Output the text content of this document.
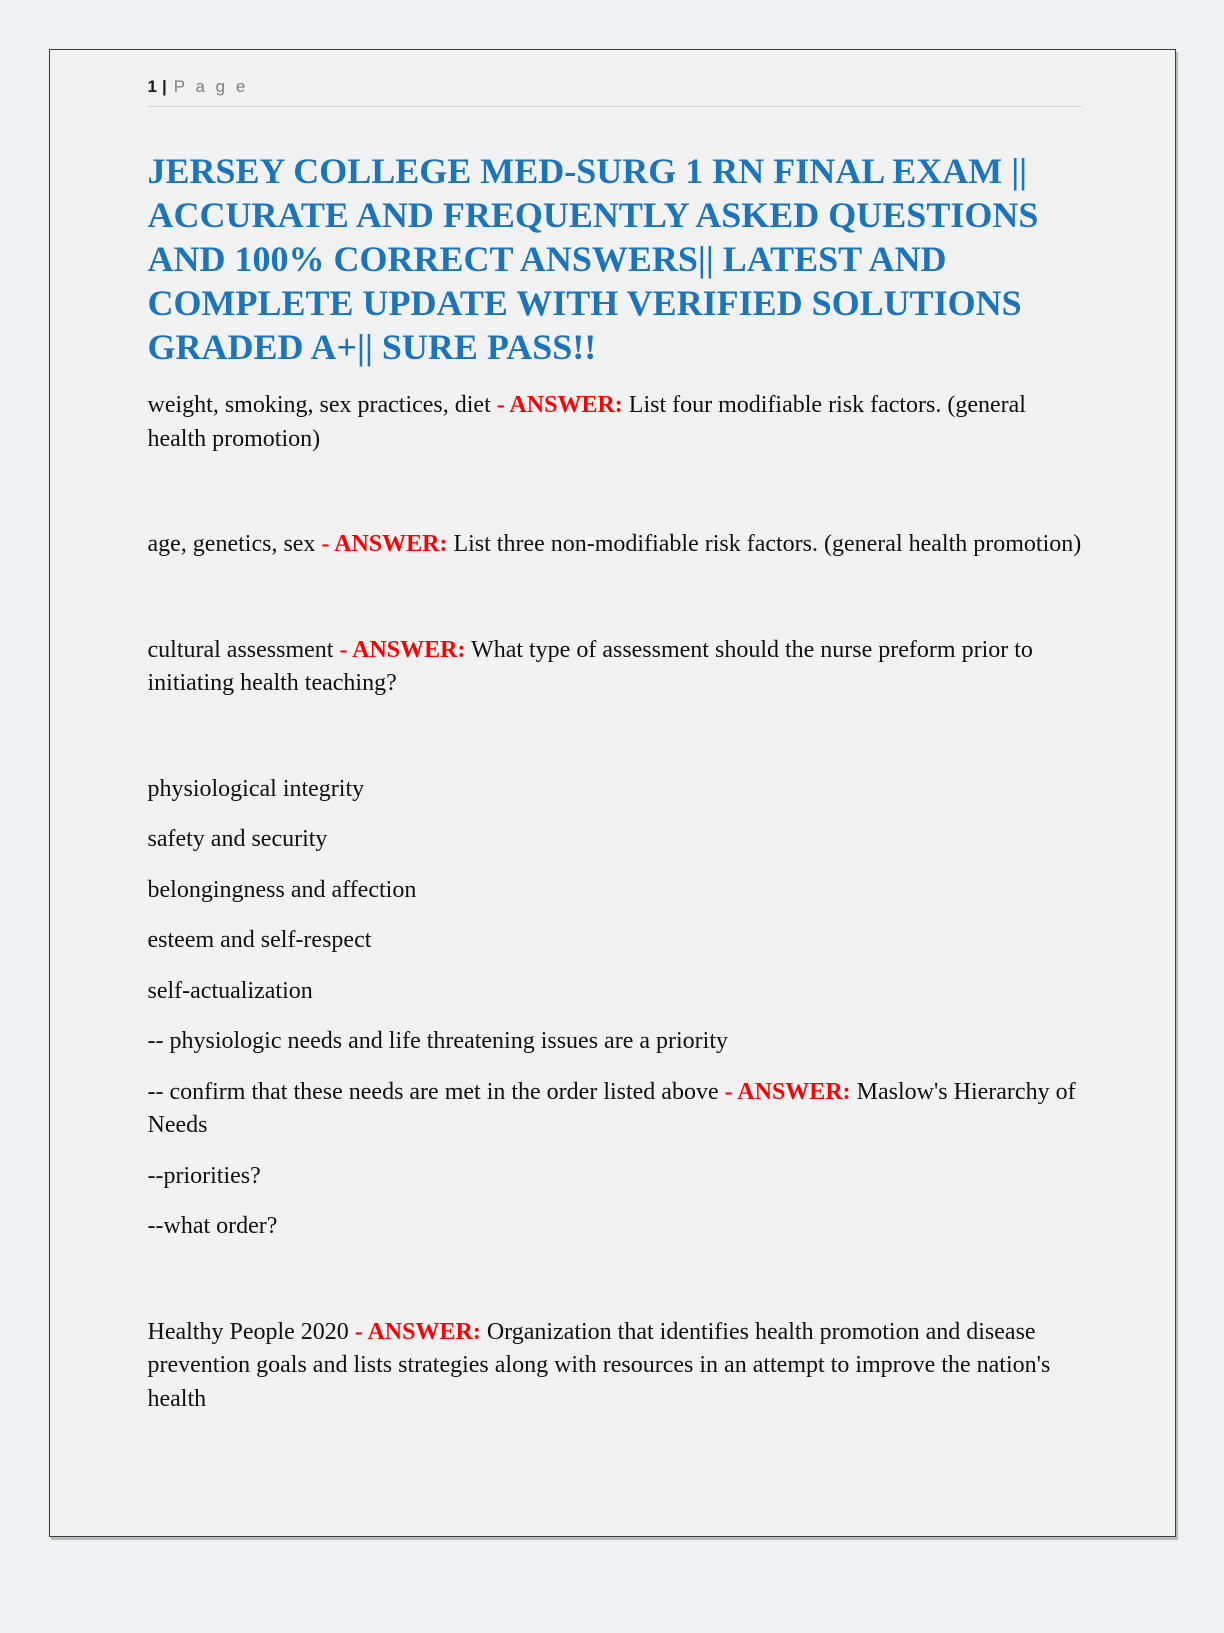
1 | P a g e
JERSEY COLLEGE MED-SURG 1 RN FINAL EXAM ||
ACCURATE AND FREQUENTLY ASKED QUESTIONS
AND 100% CORRECT ANSWERS|| LATEST AND
COMPLETE UPDATE WITH VERIFIED SOLUTIONS
GRADED A+|| SURE PASS!!

weight, smoking, sex practices, diet - ANSWER: List four modifiable risk factors. (general health promotion)

age, genetics, sex - ANSWER: List three non-modifiable risk factors. (general health promotion)

cultural assessment - ANSWER: What type of assessment should the nurse preform prior to initiating health teaching?

physiological integrity

safety and security

belongingness and affection

esteem and self-respect

self-actualization

-- physiologic needs and life threatening issues are a priority

-- confirm that these needs are met in the order listed above - ANSWER: Maslow's Hierarchy of Needs

--priorities?

--what order?

Healthy People 2020 - ANSWER: Organization that identifies health promotion and disease prevention goals and lists strategies along with resources in an attempt to improve the nation's health
